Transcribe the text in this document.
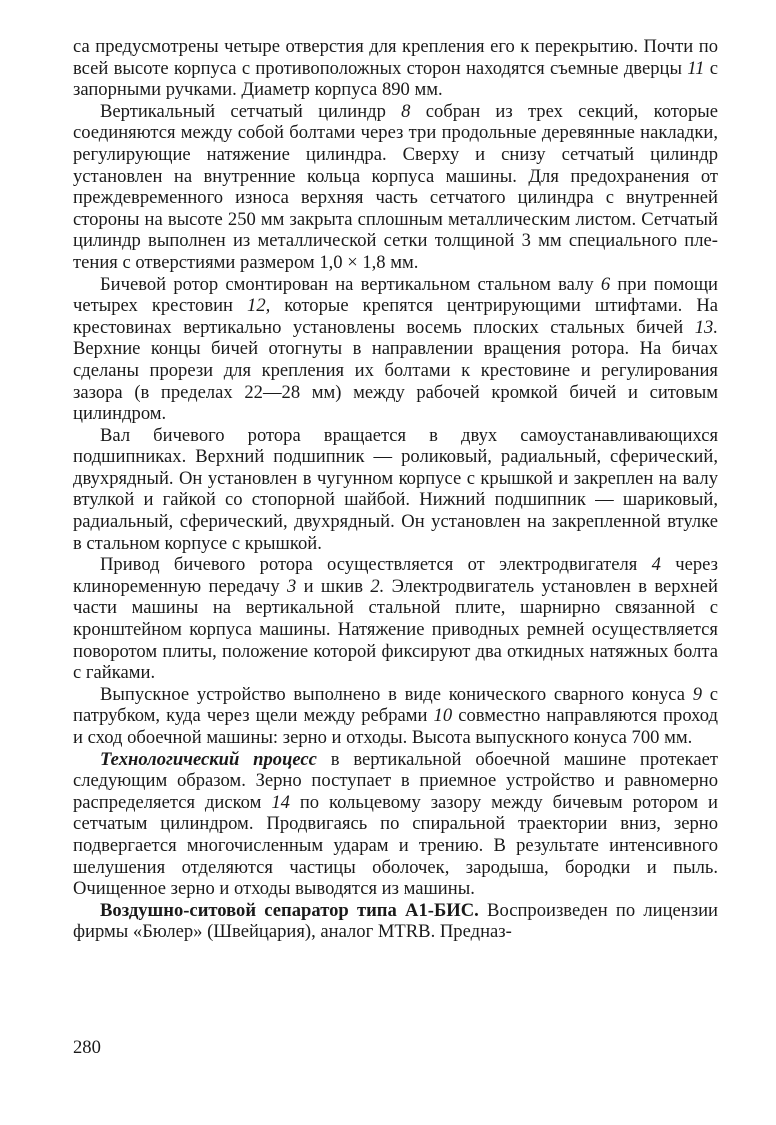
са предусмотрены четыре отверстия для крепления его к перекрытию. Почти по всей высоте корпуса с противоположных сторон находятся съемные дверцы 11 с запорными ручками. Диаметр корпуса 890 мм.

Вертикальный сетчатый цилиндр 8 собран из трех секций, которые соединяются между собой болтами через три продольные деревянные накладки, регулирующие натяжение цилиндра. Сверху и снизу сетчатый цилиндр установлен на внутренние кольца корпуса машины. Для предохранения от преждевременного износа верхняя часть сетчатого цилиндра с внутренней стороны на высоте 250 мм закрыта сплошным металлическим листом. Сетчатый цилиндр выполнен из металлической сетки толщиной 3 мм специального плетения с отверстиями размером 1,0 × 1,8 мм.

Бичевой ротор смонтирован на вертикальном стальном валу 6 при помощи четырех крестовин 12, которые крепятся центрирующими штифтами. На крестовинах вертикально установлены восемь плоских стальных бичей 13. Верхние концы бичей отогнуты в направлении вращения ротора. На бичах сделаны прорези для крепления их болтами к крестовине и регулирования зазора (в пределах 22—28 мм) между рабочей кромкой бичей и ситовым цилиндром.

Вал бичевого ротора вращается в двух самоустанавливающихся подшипниках. Верхний подшипник — роликовый, радиальный, сферический, двухрядный. Он установлен в чугунном корпусе с крышкой и закреплен на валу втулкой и гайкой со стопорной шайбой. Нижний подшипник — шариковый, радиальный, сферический, двухрядный. Он установлен на закрепленной втулке в стальном корпусе с крышкой.

Привод бичевого ротора осуществляется от электродвигателя 4 через клиноременную передачу 3 и шкив 2. Электродвигатель установлен в верхней части машины на вертикальной стальной плите, шарнирно связанной с кронштейном корпуса машины. Натяжение приводных ремней осуществляется поворотом плиты, положение которой фиксируют два откидных натяжных болта с гайками.

Выпускное устройство выполнено в виде конического сварного конуса 9 с патрубком, куда через щели между ребрами 10 совместно направляются проход и сход обоечной машины: зерно и отходы. Высота выпускного конуса 700 мм.

Технологический процесс в вертикальной обоечной машине протекает следующим образом. Зерно поступает в приемное устройство и равномерно распределяется диском 14 по кольцевому зазору между бичевым ротором и сетчатым цилиндром. Продвигаясь по спиральной траектории вниз, зерно подвергается многочисленным ударам и трению. В результате интенсивного шелушения отделяются частицы оболочек, зародыша, бородки и пыль. Очищенное зерно и отходы выводятся из машины.

Воздушно-ситовой сепаратор типа А1-БИС. Воспроизведен по лицензии фирмы «Бюлер» (Швейцария), аналог MTRB. Предназ-

280
